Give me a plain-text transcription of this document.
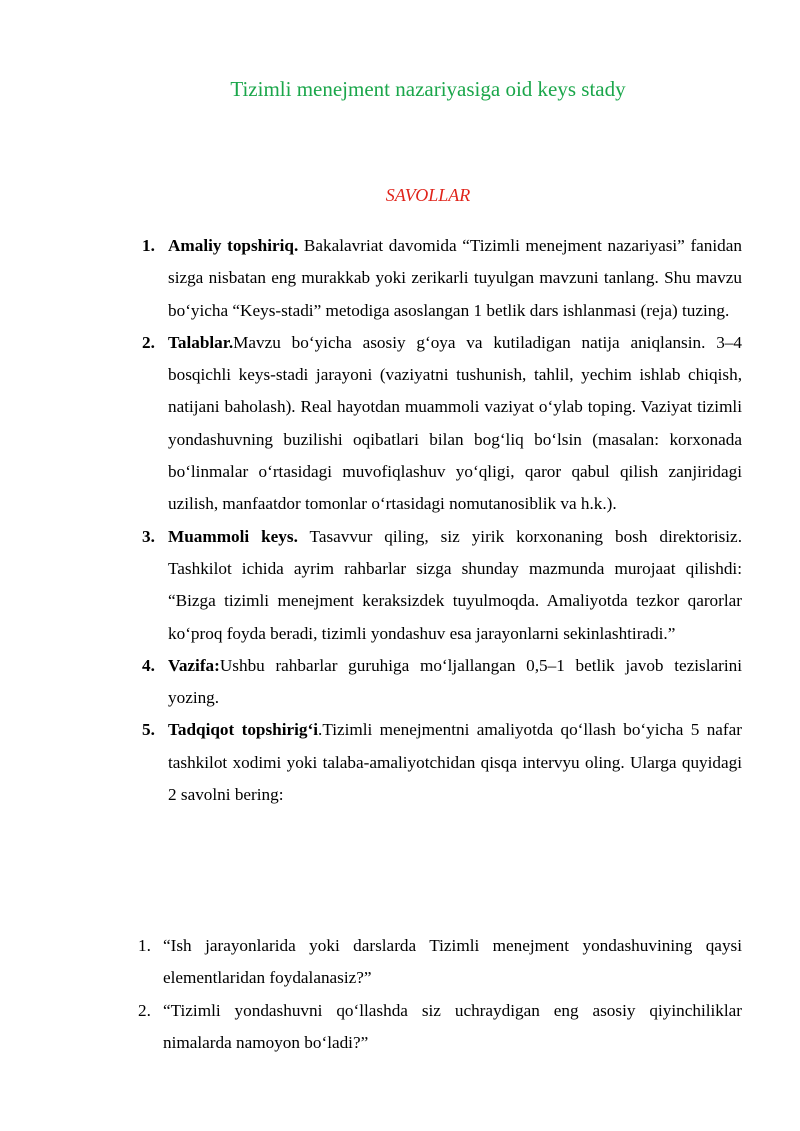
Tizimli menejment nazariyasiga oid keys stady
SAVOLLAR
1. Amaliy topshiriq. Bakalavriat davomida “Tizimli menejment nazariyasi” fanidan sizga nisbatan eng murakkab yoki zerikarli tuyulgan mavzuni tanlang. Shu mavzu bo‘yicha “Keys-stadi” metodiga asoslangan 1 betlik dars ishlanmasi (reja) tuzing.
2. Talablar.Mavzu bo‘yicha asosiy g‘oya va kutiladigan natija aniqlansin. 3–4 bosqichli keys-stadi jarayoni (vaziyatni tushunish, tahlil, yechim ishlab chiqish, natijani baholash). Real hayotdan muammoli vaziyat o‘ylab toping. Vaziyat tizimli yondashuvning buzilishi oqibatlari bilan bog‘liq bo‘lsin (masalan: korxonada bo‘linmalar o‘rtasidagi muvofiqlashuv yo‘qligi, qaror qabul qilish zanjiridagi uzilish, manfaatdor tomonlar o‘rtasidagi nomutanosiblik va h.k.).
3. Muammoli keys. Tasavvur qiling, siz yirik korxonaning bosh direktorisiz. Tashkilot ichida ayrim rahbarlar sizga shunday mazmunda murojaat qilishdi: “Bizga tizimli menejment keraksizdek tuyulmoqda. Amaliyotda tezkor qarorlar ko‘proq foyda beradi, tizimli yondashuv esa jarayonlarni sekinlashtiradi.”
4. Vazifa:Ushbu rahbarlar guruhiga mo‘ljallangan 0,5–1 betlik javob tezislarini yozing.
5. Tadqiqot topshirig‘i.Tizimli menejmentni amaliyotda qo‘llash bo‘yicha 5 nafar tashkilot xodimi yoki talaba-amaliyotchidan qisqa intervyu oling. Ularga quyidagi 2 savolni bering:
1. “Ish jarayonlarida yoki darslarda Tizimli menejment yondashuvining qaysi elementlaridan foydalanasiz?”
2. “Tizimli yondashuvni qo‘llashda siz uchraydigan eng asosiy qiyinchiliklar nimalarda namoyon bo‘ladi?”
